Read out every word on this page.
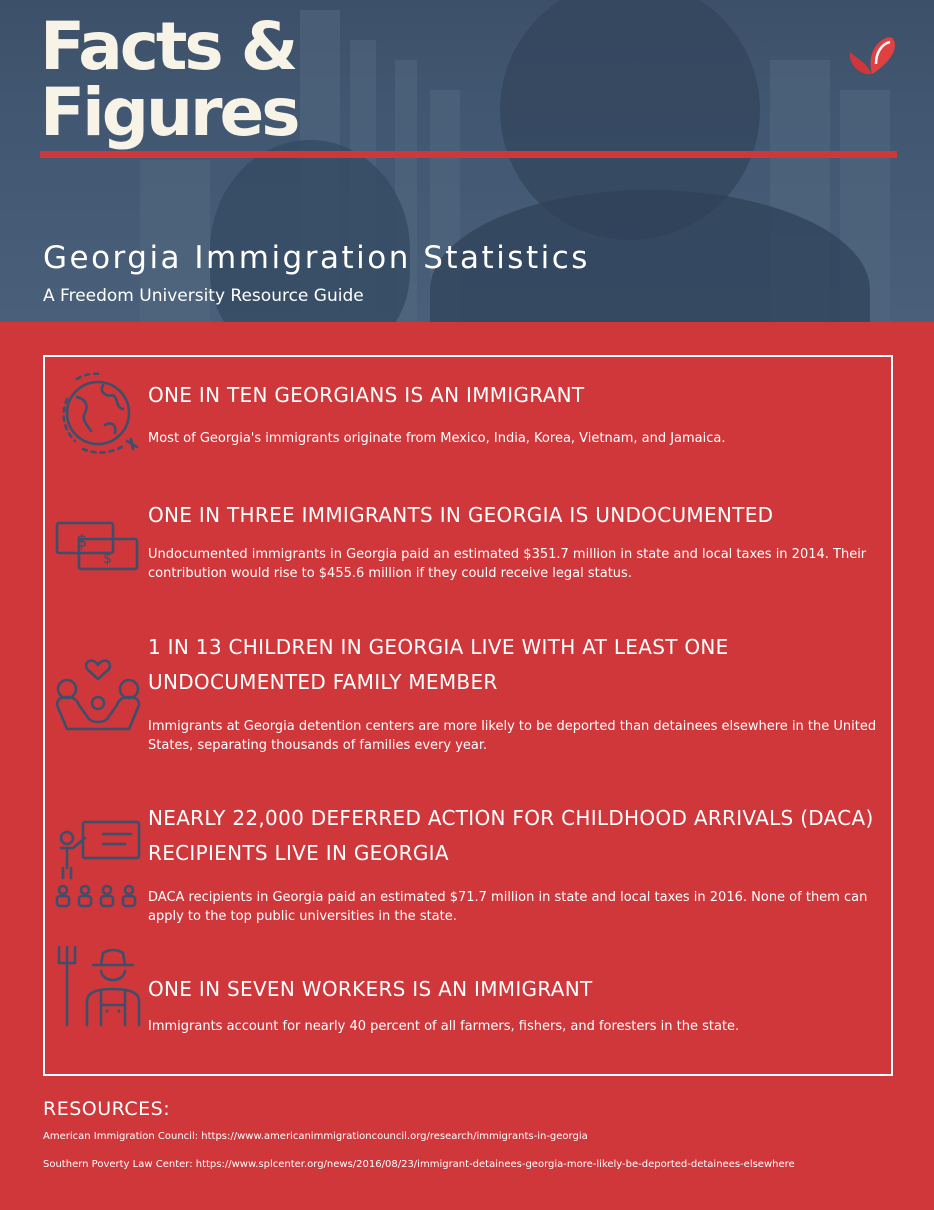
Facts &
Figures
Georgia Immigration Statistics

A Freedom University Resource Guide

ONE IN TEN GEORGIANS IS AN IMMIGRANT

Most of Georgia's immigrants originate from Mexico, India, Korea, Vietnam, and Jamaica.

$
$
ONE IN THREE IMMIGRANTS IN GEORGIA IS UNDOCUMENTED

Undocumented immigrants in Georgia paid an estimated $351.7 million in state and local taxes in 2014. Their contribution would rise to $455.6 million if they could receive legal status.

1 IN 13 CHILDREN IN GEORGIA LIVE WITH AT LEAST ONE UNDOCUMENTED FAMILY MEMBER

Immigrants at Georgia detention centers are more likely to be deported than detainees elsewhere in the United States, separating thousands of families every year.

NEARLY 22,000 DEFERRED ACTION FOR CHILDHOOD ARRIVALS (DACA) RECIPIENTS LIVE IN GEORGIA

DACA recipients in Georgia paid an estimated $71.7 million in state and local taxes in 2016. None of them can apply to the top public universities in the state.

ONE IN SEVEN WORKERS IS AN IMMIGRANT

Immigrants account for nearly 40 percent of all farmers, fishers, and foresters in the state.

RESOURCES:

American Immigration Council: https://www.americanimmigrationcouncil.org/research/immigrants-in-georgia

Southern Poverty Law Center: https://www.splcenter.org/news/2016/08/23/immigrant-detainees-georgia-more-likely-be-deported-detainees-elsewhere
